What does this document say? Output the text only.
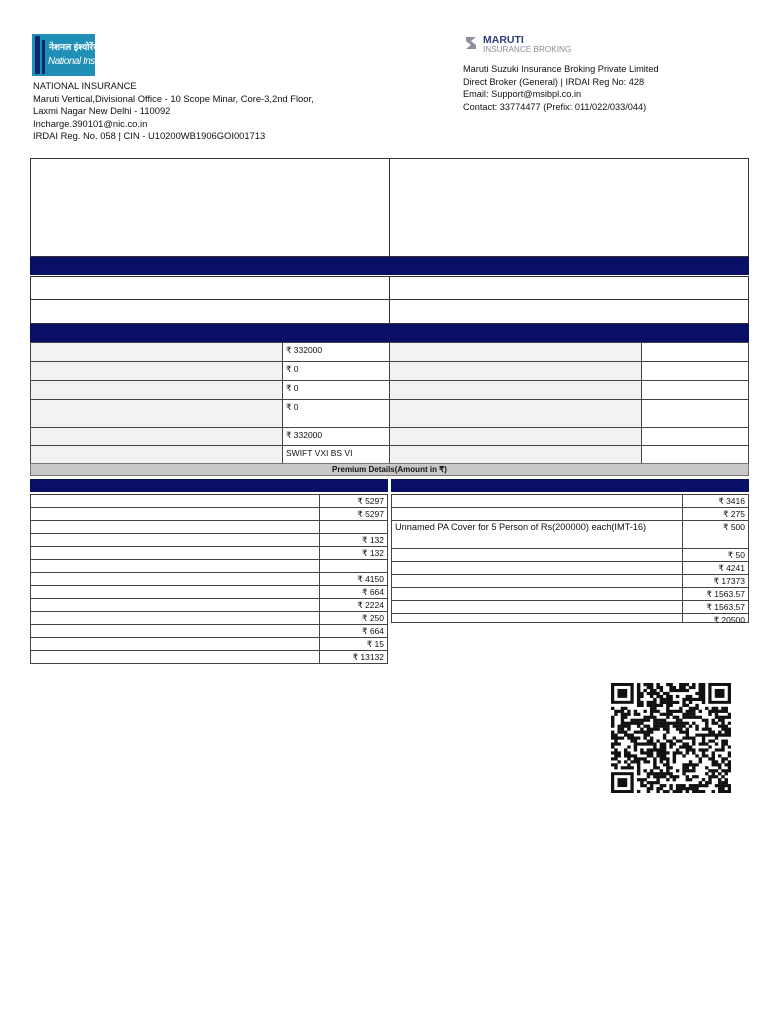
नेशनल इंश्योरेंस
National Insurance
NATIONAL INSURANCE
Maruti Vertical,Divisional Office - 10 Scope Minar, Core-3,2nd Floor,
Laxmi Nagar New Delhi - 110092
Incharge.390101@nic.co.in
IRDAI Reg. No. 058 | CIN - U10200WB1906GOI001713
MARUTI
INSURANCE BROKING
Maruti Suzuki Insurance Broking Private Limited
Direct Broker (General) | IRDAI Reg No: 428
Email: Support@msibpl.co.in
Contact: 33774477 (Prefix: 011/022/033/044)
₹ 332000
₹ 0
₹ 0
₹ 0
₹ 332000
SWIFT VXI BS VI
Premium Details(Amount in ₹)
₹ 5297
₹ 5297
₹ 132
₹ 132
₹ 4150
₹ 664
₹ 2224
₹ 250
₹ 664
₹ 15
₹ 13132
₹ 3416
₹ 275
Unnamed PA Cover for 5 Person of Rs(200000) each(IMT-16)	₹ 500
₹ 50
₹ 4241
₹ 17373
₹ 1563.57
₹ 1563.57
₹ 20500
